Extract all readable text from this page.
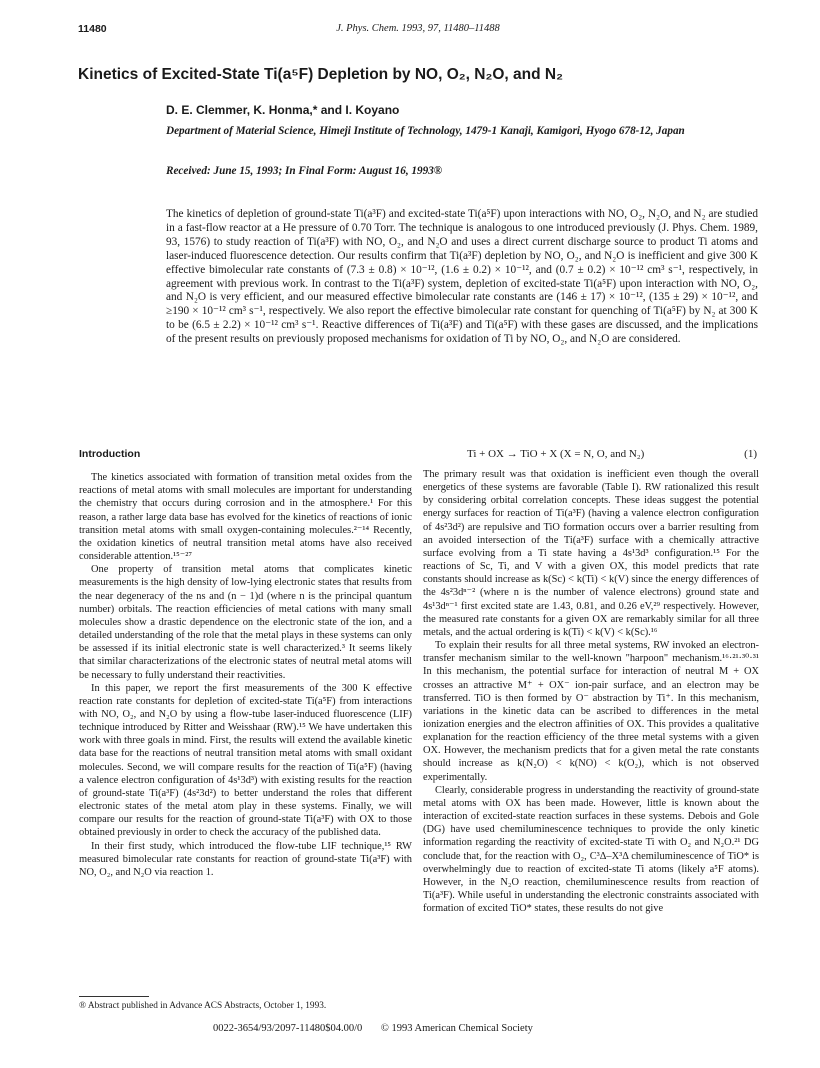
11480	J. Phys. Chem. 1993, 97, 11480–11488
Kinetics of Excited-State Ti(a⁵F) Depletion by NO, O₂, N₂O, and N₂
D. E. Clemmer, K. Honma,* and I. Koyano
Department of Material Science, Himeji Institute of Technology, 1479-1 Kanaji, Kamigori, Hyogo 678-12, Japan
Received: June 15, 1993; In Final Form: August 16, 1993®
The kinetics of depletion of ground-state Ti(a³F) and excited-state Ti(a⁵F) upon interactions with NO, O₂, N₂O, and N₂ are studied in a fast-flow reactor at a He pressure of 0.70 Torr. The technique is analogous to one introduced previously (J. Phys. Chem. 1989, 93, 1576) to study reaction of Ti(a³F) with NO, O₂, and N₂O and uses a direct current discharge source to product Ti atoms and laser-induced fluorescence detection. Our results confirm that Ti(a³F) depletion by NO, O₂, and N₂O is inefficient and give 300 K effective bimolecular rate constants of (7.3 ± 0.8) × 10⁻¹², (1.6 ± 0.2) × 10⁻¹², and (0.7 ± 0.2) × 10⁻¹² cm³ s⁻¹, respectively, in agreement with previous work. In contrast to the Ti(a³F) system, depletion of excited-state Ti(a⁵F) upon interaction with NO, O₂, and N₂O is very efficient, and our measured effective bimolecular rate constants are (146 ± 17) × 10⁻¹², (135 ± 29) × 10⁻¹², and ≥190 × 10⁻¹² cm³ s⁻¹, respectively. We also report the effective bimolecular rate constant for quenching of Ti(a⁵F) by N₂ at 300 K to be (6.5 ± 2.2) × 10⁻¹² cm³ s⁻¹. Reactive differences of Ti(a³F) and Ti(a⁵F) with these gases are discussed, and the implications of the present results on previously proposed mechanisms for oxidation of Ti by NO, O₂, and N₂O are considered.
Introduction

The kinetics associated with formation of transition metal oxides from the reactions of metal atoms with small molecules are important for understanding the chemistry that occurs during corrosion and in the atmosphere.¹ For this reason, a rather large data base has evolved for the kinetics of reactions of ionic transition metal atoms with small oxygen-containing molecules.²⁻¹⁴ Recently, the oxidation kinetics of neutral transition metal atoms have also received considerable attention.¹⁵⁻²⁷

One property of transition metal atoms that complicates kinetic measurements is the high density of low-lying electronic states that results from the near degeneracy of the ns and (n − 1)d (where n is the principal quantum number) orbitals. The reaction efficiencies of metal cations with many small molecules show a drastic dependence on the electronic state of the ion, and a detailed understanding of the role that the metal plays in these systems can only be assessed if its initial electronic state is well characterized.³ It seems likely that similar characterizations of the electronic states of neutral metal atoms will be necessary to fully understand their reactivities.

In this paper, we report the first measurements of the 300 K effective reaction rate constants for depletion of excited-state Ti(a⁵F) from interactions with NO, O₂, and N₂O by using a flow-tube laser-induced fluorescence (LIF) technique introduced by Ritter and Weisshaar (RW).¹⁵ We have undertaken this work with three goals in mind. First, the results will extend the available kinetic data base for the reactions of neutral transition metal atoms with small oxidant molecules. Second, we will compare results for the reaction of Ti(a⁵F) (having a valence electron configuration of 4s¹3d³) with existing results for the reaction of ground-state Ti(a³F) (4s²3d²) to better understand the roles that different electronic states of the metal atom play in these systems. Finally, we will compare our results for the reaction of ground-state Ti(a³F) with OX to those obtained previously in order to check the accuracy of the published data.

In their first study, which introduced the flow-tube LIF technique,¹⁵ RW measured bimolecular rate constants for reaction of ground-state Ti(a³F) with NO, O₂, and N₂O via reaction 1.

Ti + OX → TiO + X (X = N, O, and N₂)	(1)

The primary result was that oxidation is inefficient even though the overall energetics of these systems are favorable (Table I). RW rationalized this result by considering orbital correlation concepts. These ideas suggest the potential energy surfaces for reaction of Ti(a³F) (having a valence electron configuration of 4s²3d²) are repulsive and TiO formation occurs over a barrier resulting from an avoided intersection of the Ti(a³F) surface with a chemically attractive surface evolving from a Ti state having a 4s¹3d³ configuration.¹⁵ For the reactions of Sc, Ti, and V with a given OX, this model predicts that rate constants should increase as k(Sc) < k(Ti) < k(V) since the energy differences of the 4s²3dⁿ⁻² (where n is the number of valence electrons) ground state and 4s¹3dⁿ⁻¹ first excited state are 1.43, 0.81, and 0.26 eV,²⁹ respectively. However, the measured rate constants for a given OX are remarkably similar for all three metals, and the actual ordering is k(Ti) < k(V) < k(Sc).¹⁶

To explain their results for all three metal systems, RW invoked an electron-transfer mechanism similar to the well-known "harpoon" mechanism.¹⁶·²¹·³⁰·³¹ In this mechanism, the potential surface for interaction of neutral M + OX crosses an attractive M⁺ + OX⁻ ion-pair surface, and an electron may be transferred. TiO is then formed by O⁻ abstraction by Ti⁺. In this mechanism, variations in the kinetic data can be ascribed to differences in the metal ionization energies and the electron affinities of OX. This provides a qualitative explanation for the reaction efficiency of the three metal systems with a given OX. However, the mechanism predicts that for a given metal the rate constants should increase as k(N₂O) < k(NO) < k(O₂), which is not observed experimentally.

Clearly, considerable progress in understanding the reactivity of ground-state metal atoms with OX has been made. However, little is known about the interaction of excited-state reaction surfaces in these systems. Debois and Gole (DG) have used chemiluminescence techniques to provide the only kinetic information regarding the reactivity of excited-state Ti with O₂ and N₂O.²¹ DG conclude that, for the reaction with O₂, C³Δ–X³Δ chemiluminescence of TiO* is overwhelmingly due to reaction of excited-state Ti atoms (likely a⁵F atoms). However, in the N₂O reaction, chemiluminescence results from reaction of Ti(a³F). While useful in understanding the electronic constraints associated with formation of excited TiO* states, these results do not give

® Abstract published in Advance ACS Abstracts, October 1, 1993.
0022-3654/93/2097-11480$04.00/0 © 1993 American Chemical Society
